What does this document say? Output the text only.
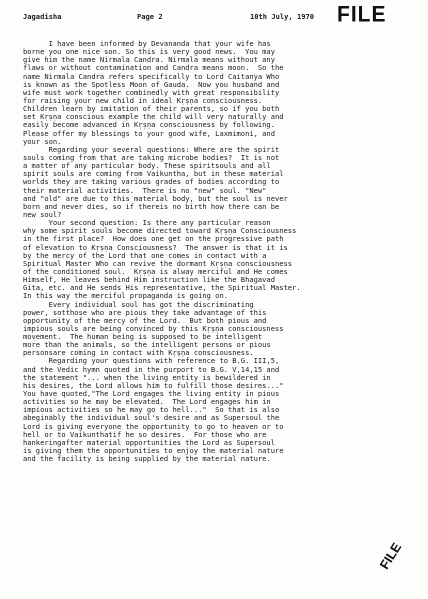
Jagadisha	Page 2	10th July, 1970 FILE
I have been informed by Devananda that your wife has
borne you one nice son. So this is very good news.  You may
give him the name Nirmala Candra. Nirmala means without any
flaws or without contamination and Candra means moon.  So the
name Nirmala Candra refers specifically to Lord Caitanya Who
is known as the Spotless Moon of Gauda.  Now you husband and
wife must work together combinedly with great responsibility
for raising your new child in ideal Kṛṣṇa consciousness.
Children learn by imitation of their parents, so if you both
set Kṛṣṇa conscious example the child will very naturally and
easily become advanced in Kṛṣṇa consciousness by following.
Please offer my blessings to your good wife, Laxmimoni, and
your son.
Regarding your several questions: Where are the spirit
souls coming from that are taking microbe bodies?  It is not
a matter of any particular body. These spiritsouls and all
spirit souls are coming from Vaikuntha, but in these material
worlds they are taking various grades of bodies according to
their material activities.  There is no "new" soul. "New"
and "old" are due to this material body, but the soul is never
born and never dies, so if thereis no birth how there can be
new soul?
Your second question: Is there any particular reason
why some spirit souls become directed toward Kṛṣṇa Consciousness
in the first place?  How does one get on the progressive path
of elevation to Kṛṣṇa Consciousness?  The answer is that it is
by the mercy of the Lord that one comes in contact with a
Spiritual Master Who can revive the dormant Kṛṣṇa consciousness
of the conditioned soul.  Kṛṣṇa is alway merciful and He comes
Himself, He leaves behind Him instruction like the Bhagavad
Gita, etc. and He sends His representative, the Spiritual Master.
In this way the merciful propaganda is going on.
Every individual soul has got the discriminating
power, sotthose who are pious they take advantage of this
opportunity of the mercy of the Lord.  But both pious and
impious souls are being convinced by this Kṛṣṇa consciousness
movement.  The human being is supposed to be intelligent
more than the animals, so the intelligent persons or pious
personsare coming in contact with Kṛṣṇa consciousness.
Regarding your questions with reference to B.G. III,5,
and the Vedic hymn quoted in the purport to B.G. V,14,15 and
the statement "... when the living entity is bewildered in
his desires, the Lord allows him to fulfill those desires..."
You have quoted,"The Lord engages the living entity in pious
activities so he may be elevated.  The Lord engages him in
impious activities so he may go to hell..."  So that is also
abeginably the individual soul's desire and as Supersoul the
Lord is giving everyone the opportunity to go to heaven or to
hell or to Vaikunthatif he so desires.  For those who are
hankeringafter material opportunities the Lord as Supersoul
is giving them the opportunities to enjoy the material nature
and the facility is being supplied by the material nature.
FILE
